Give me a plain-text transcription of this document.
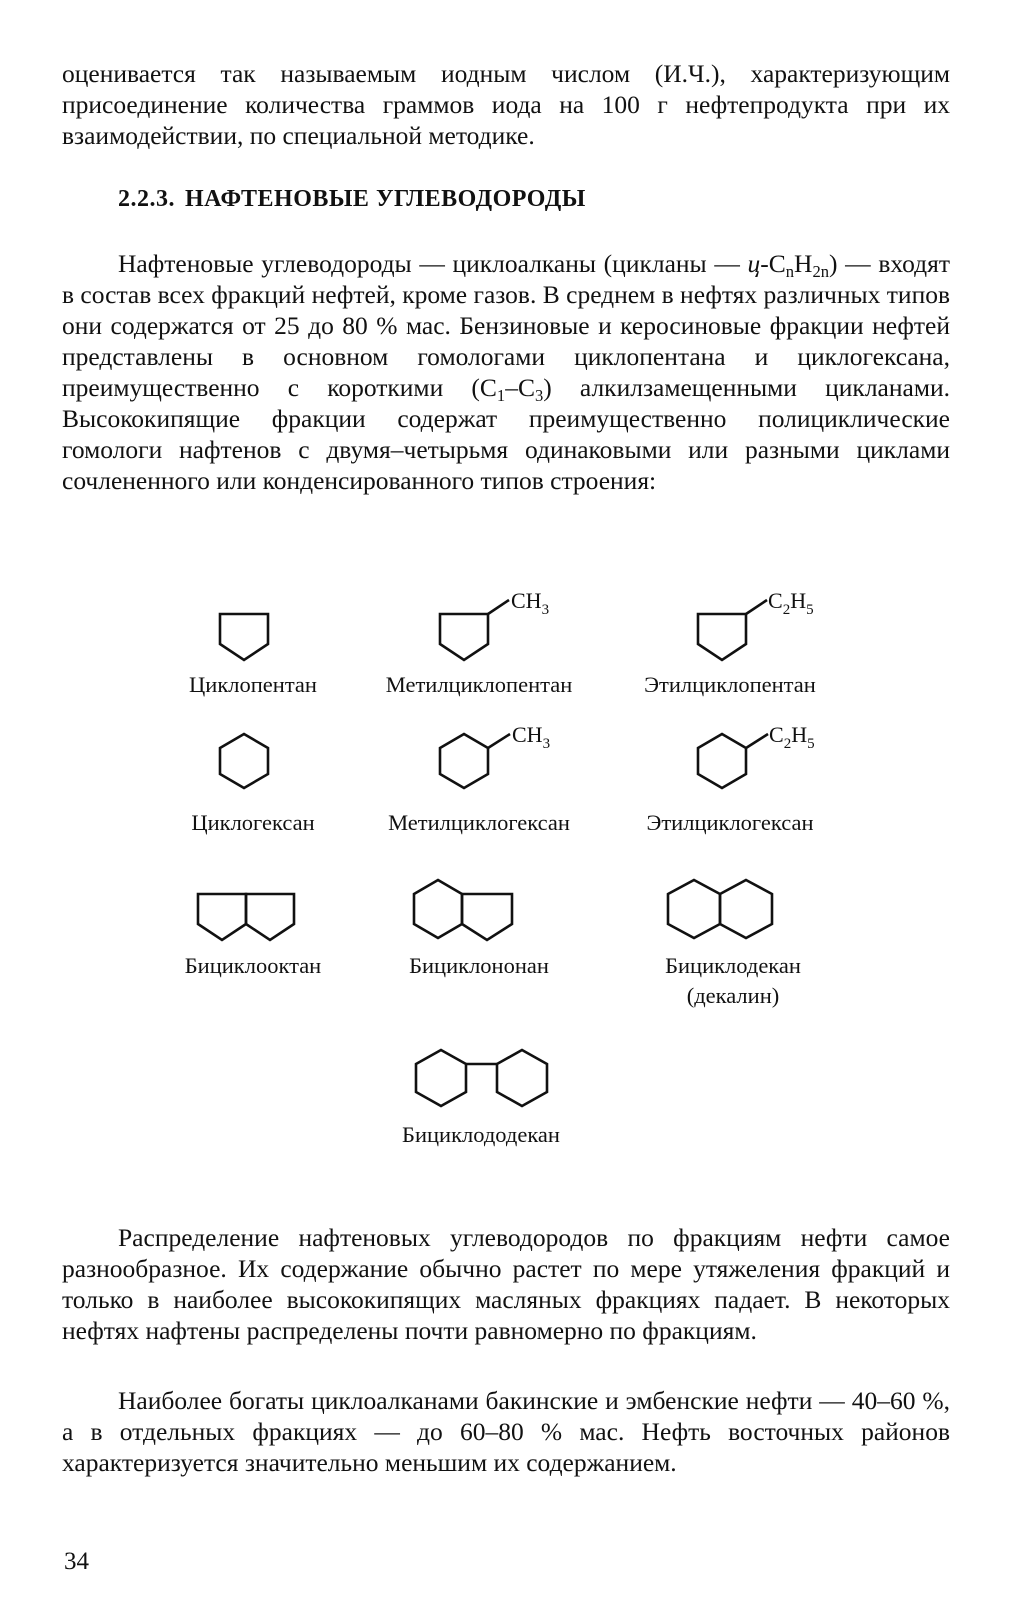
оценивается так называемым иодным числом (И.Ч.), характеризующим присоединение количества граммов иода на 100 г нефтепродукта при их взаимодействии, по специальной методике.

2.2.3. НАФТЕНОВЫЕ УГЛЕВОДОРОДЫ

Нафтеновые углеводороды — циклоалканы (цикланы — $ц-C_nH_{2n}$) — входят в состав всех фракций нефтей, кроме газов. В среднем в нефтях различных типов они содержатся от 25 до 80 % мас. Бензиновые и керосиновые фракции нефтей представлены в основном гомологами циклопентана и циклогексана, преимущественно с короткими $(C_1-C_3)$ алкилзамещенными цикланами. Высококипящие фракции содержат преимущественно полициклические гомологи нафтенов с двумя–четырьмя одинаковыми или разными циклами сочлененного или конденсированного типов строения:

$CH_3$	$C_2H_5$
Циклопентан	Метилциклопентан	Этилциклопентан
$CH_3$	$C_2H_5$
Циклогексан	Метилциклогексан	Этилциклогексан
Бициклооктан	Бициклононан	Бициклодекан
(декалин)
Бициклододекан

Распределение нафтеновых углеводородов по фракциям нефти самое разнообразное. Их содержание обычно растет по мере утяжеления фракций и только в наиболее высококипящих масляных фракциях падает. В некоторых нефтях нафтены распределены почти равномерно по фракциям.

Наиболее богаты циклоалканами бакинские и эмбенские нефти — 40–60 %, а в отдельных фракциях — до 60–80 % мас. Нефть восточных районов характеризуется значительно меньшим их содержанием.

34
